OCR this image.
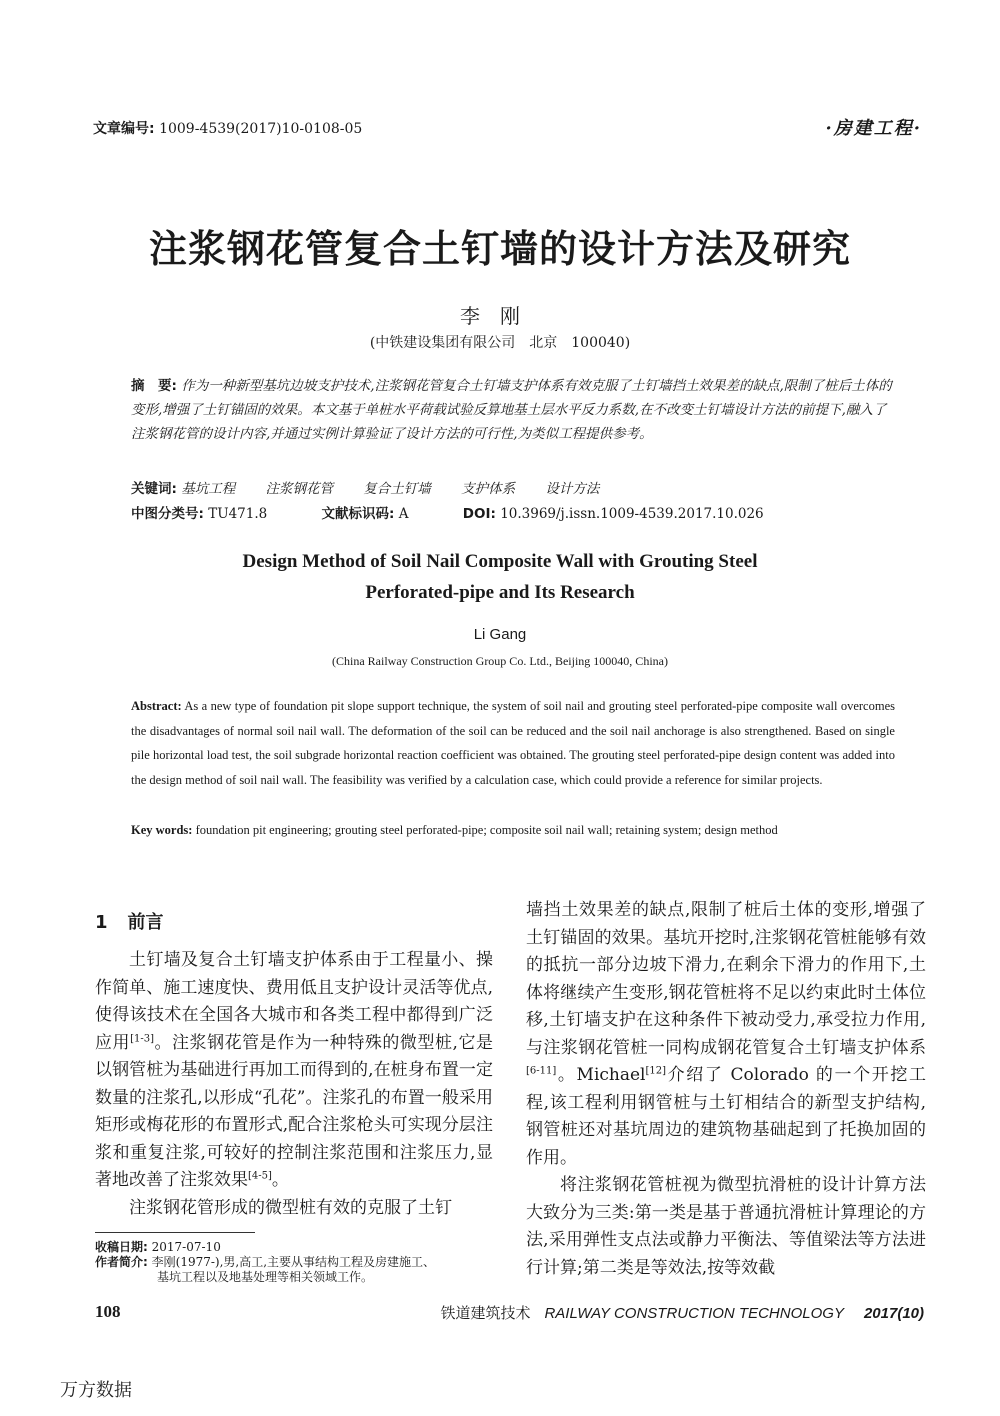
文章编号: 1009-4539(2017)10-0108-05	·房建工程·
注浆钢花管复合土钉墙的设计方法及研究
李刚
(中铁建设集团有限公司　北京　100040)
摘　要: 作为一种新型基坑边坡支护技术,注浆钢花管复合土钉墙支护体系有效克服了土钉墙挡土效果差的缺点,限制了桩后土体的变形,增强了土钉锚固的效果。本文基于单桩水平荷载试验反算地基土层水平反力系数,在不改变土钉墙设计方法的前提下,融入了注浆钢花管的设计内容,并通过实例计算验证了设计方法的可行性,为类似工程提供参考。
关键词: 基坑工程 注浆钢花管 复合土钉墙 支护体系 设计方法
中图分类号: TU471.8	文献标识码: A	DOI: 10.3969/j.issn.1009-4539.2017.10.026
Design Method of Soil Nail Composite Wall with Grouting Steel
Perforated-pipe and Its Research
Li Gang
(China Railway Construction Group Co. Ltd., Beijing 100040, China)
Abstract: As a new type of foundation pit slope support technique, the system of soil nail and grouting steel perforated-pipe composite wall overcomes the disadvantages of normal soil nail wall. The deformation of the soil can be reduced and the soil nail anchorage is also strengthened. Based on single pile horizontal load test, the soil subgrade horizontal reaction coefficient was obtained. The grouting steel perforated-pipe design content was added into the design method of soil nail wall. The feasibility was verified by a calculation case, which could provide a reference for similar projects.
Key words: foundation pit engineering; grouting steel perforated-pipe; composite soil nail wall; retaining system; design method
1 前言

土钉墙及复合土钉墙支护体系由于工程量小、操作简单、施工速度快、费用低且支护设计灵活等优点,使得该技术在全国各大城市和各类工程中都得到广泛应用[1-3]。注浆钢花管是作为一种特殊的微型桩,它是以钢管桩为基础进行再加工而得到的,在桩身布置一定数量的注浆孔,以形成“孔花”。注浆孔的布置一般采用矩形或梅花形的布置形式,配合注浆枪头可实现分层注浆和重复注浆,可较好的控制注浆范围和注浆压力,显著地改善了注浆效果[4-5]。

注浆钢花管形成的微型桩有效的克服了土钉

墙挡土效果差的缺点,限制了桩后土体的变形,增强了土钉锚固的效果。基坑开挖时,注浆钢花管桩能够有效的抵抗一部分边坡下滑力,在剩余下滑力的作用下,土体将继续产生变形,钢花管桩将不足以约束此时土体位移,土钉墙支护在这种条件下被动受力,承受拉力作用,与注浆钢花管桩一同构成钢花管复合土钉墙支护体系[6-11]。Michael[12]介绍了 Colorado 的一个开挖工程,该工程利用钢管桩与土钉相结合的新型支护结构,钢管桩还对基坑周边的建筑物基础起到了托换加固的作用。

将注浆钢花管桩视为微型抗滑桩的设计计算方法大致分为三类:第一类是基于普通抗滑桩计算理论的方法,采用弹性支点法或静力平衡法、等值梁法等方法进行计算;第二类是等效法,按等效截

收稿日期: 2017-07-10
作者简介: 李刚(1977-),男,高工,主要从事结构工程及房建施工、
基坑工程以及地基处理等相关领域工作。
108	铁道建筑技术 RAILWAY CONSTRUCTION TECHNOLOGY 2017(10)
万方数据
